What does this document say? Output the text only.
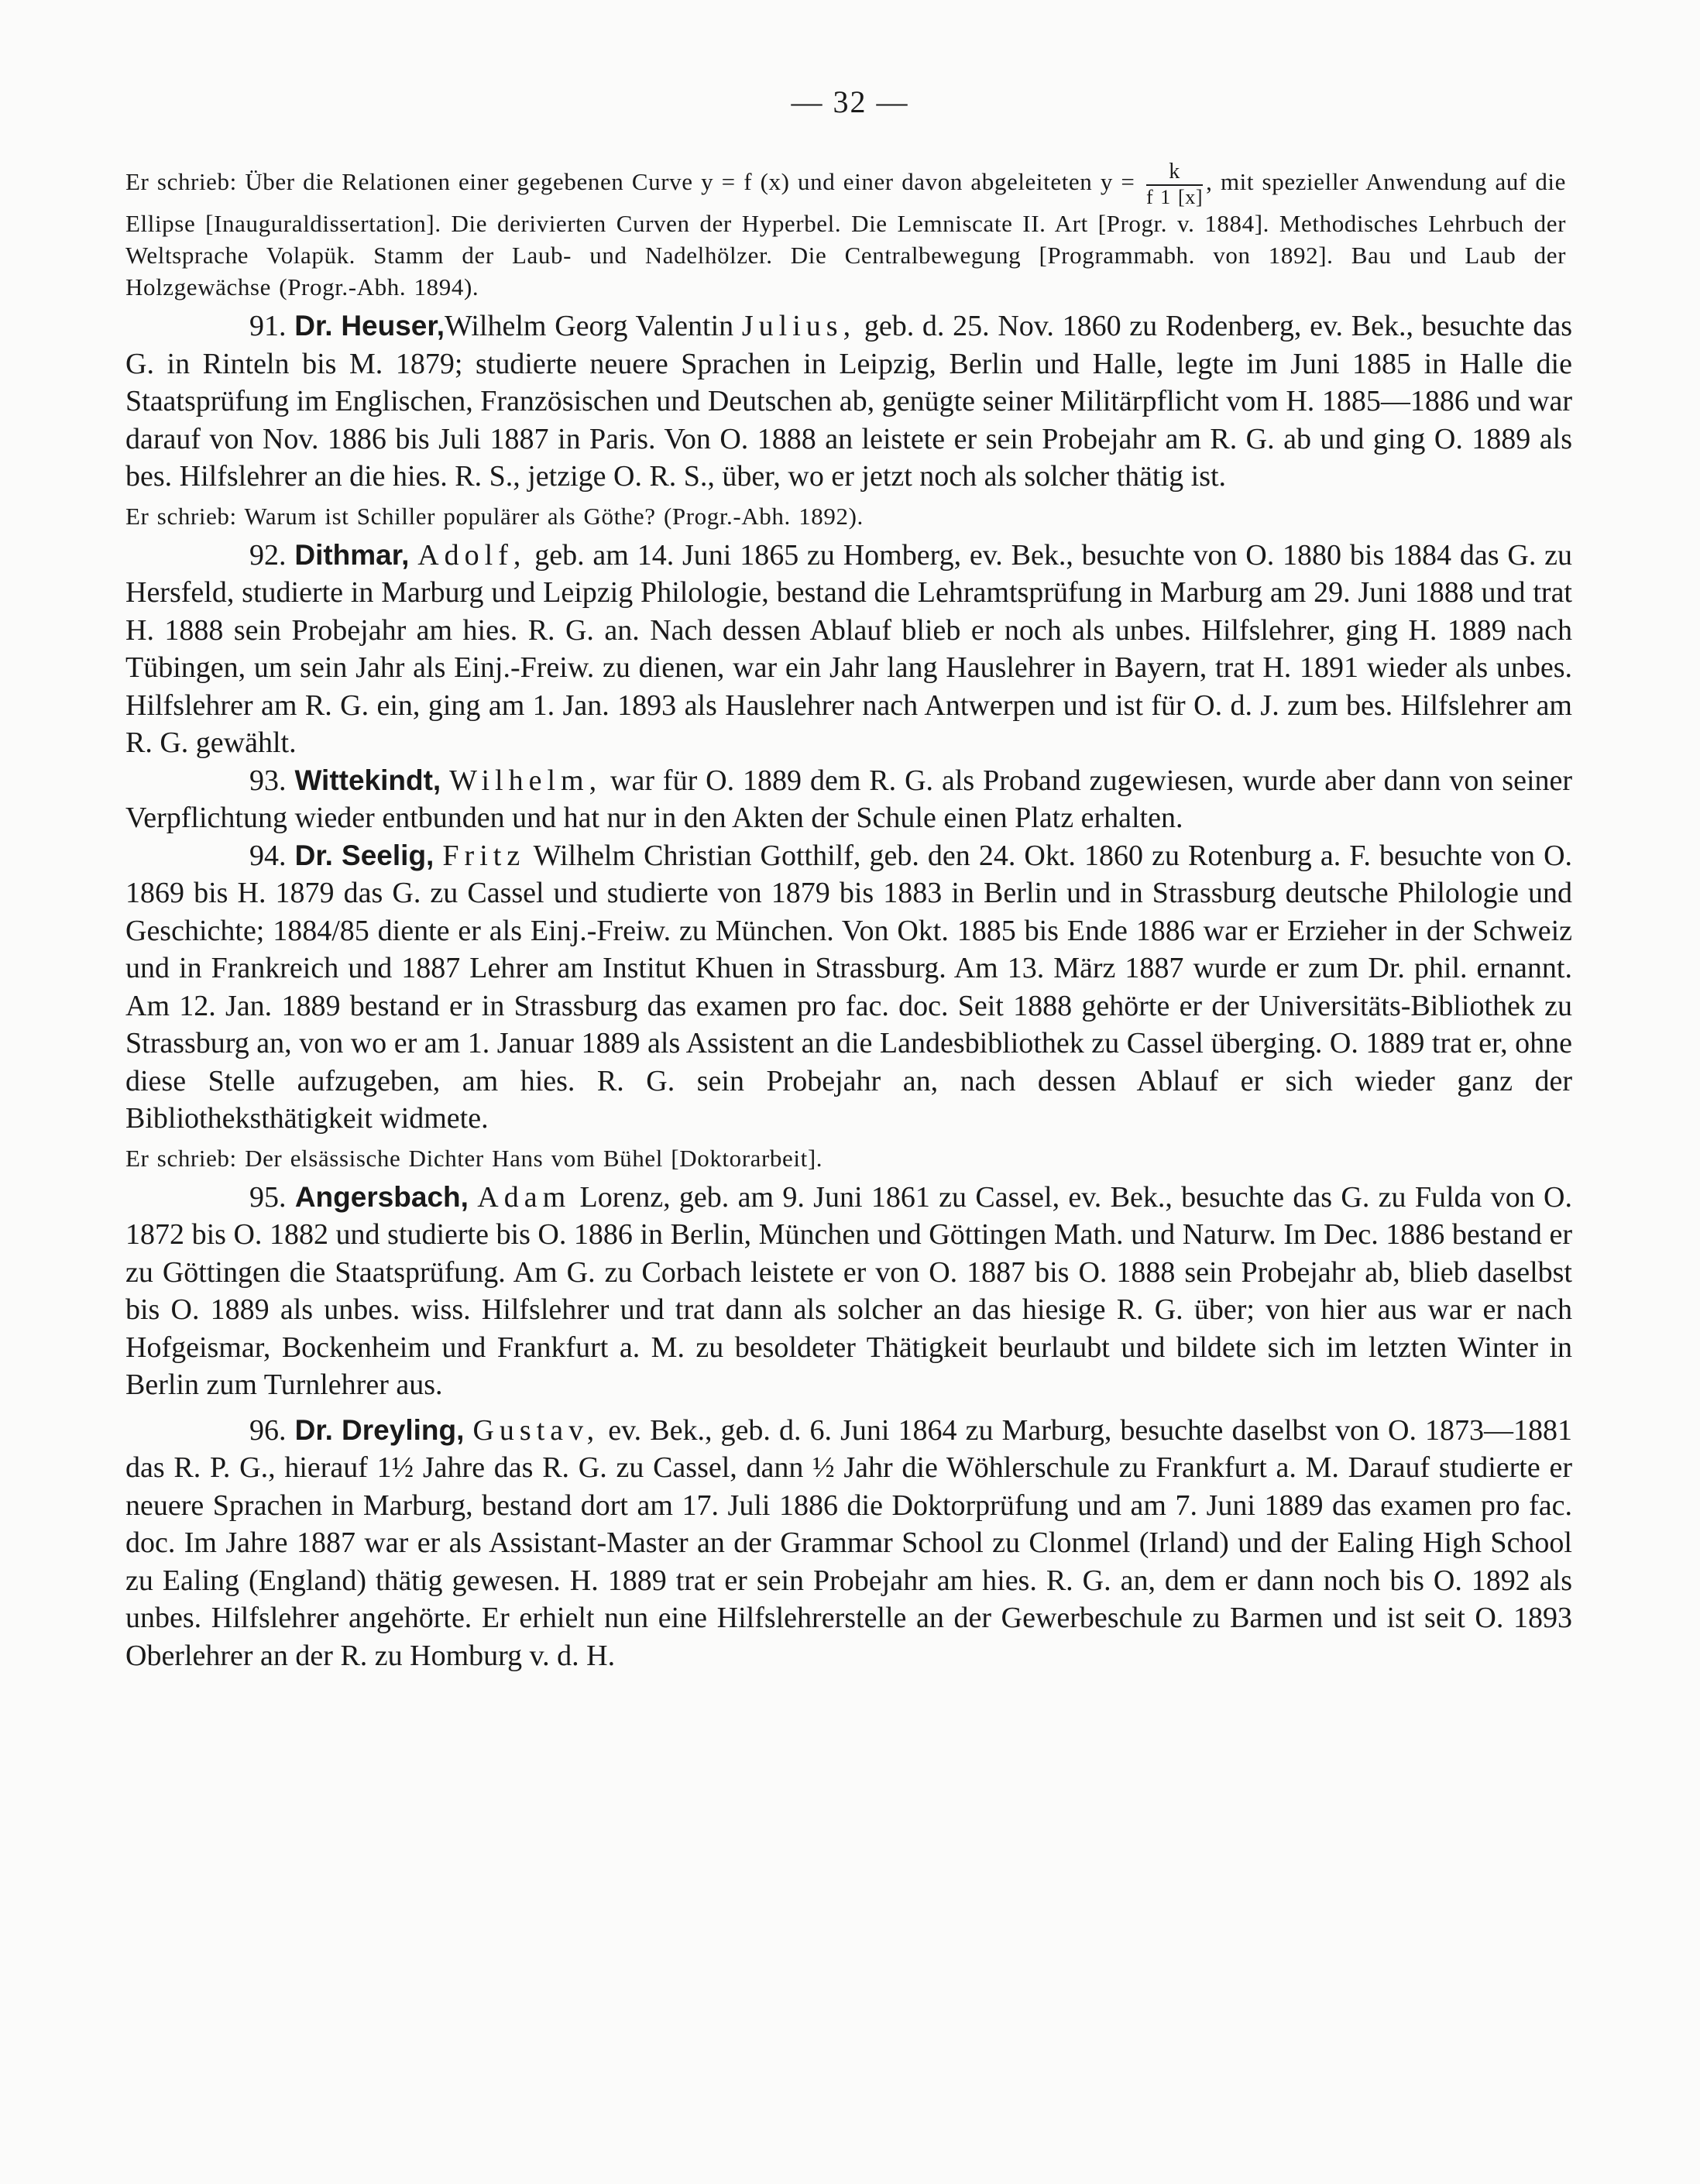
— 32 —

Er schrieb: Über die Relationen einer gegebenen Curve y = f (x) und einer davon abgeleiteten $y = \frac{k}{f 1 [x]}$ , mit spezieller Anwendung auf die Ellipse [Inauguraldissertation]. Die derivierten Curven der Hyperbel. Die Lemniscate II. Art [Progr. v. 1884]. Methodisches Lehrbuch der Weltsprache Volapük. Stamm der Laub- und Nadelhölzer. Die Centralbewegung [Programmabh. von 1892]. Bau und Laub der Holzgewächse (Progr.-Abh. 1894).

91. Dr. Heuser,Wilhelm Georg Valentin Julius, geb. d. 25. Nov. 1860 zu Rodenberg, ev. Bek., besuchte das G. in Rinteln bis M. 1879; studierte neuere Sprachen in Leipzig, Berlin und Halle, legte im Juni 1885 in Halle die Staatsprüfung im Englischen, Französischen und Deutschen ab, genügte seiner Militärpflicht vom H. 1885—1886 und war darauf von Nov. 1886 bis Juli 1887 in Paris. Von O. 1888 an leistete er sein Probejahr am R. G. ab und ging O. 1889 als bes. Hilfslehrer an die hies. R. S., jetzige O. R. S., über, wo er jetzt noch als solcher thätig ist.

Er schrieb: Warum ist Schiller populärer als Göthe? (Progr.-Abh. 1892).

92. Dithmar, Adolf, geb. am 14. Juni 1865 zu Homberg, ev. Bek., besuchte von O. 1880 bis 1884 das G. zu Hersfeld, studierte in Marburg und Leipzig Philologie, bestand die Lehramtsprüfung in Marburg am 29. Juni 1888 und trat H. 1888 sein Probejahr am hies. R. G. an. Nach dessen Ablauf blieb er noch als unbes. Hilfslehrer, ging H. 1889 nach Tübingen, um sein Jahr als Einj.-Freiw. zu dienen, war ein Jahr lang Hauslehrer in Bayern, trat H. 1891 wieder als unbes. Hilfslehrer am R. G. ein, ging am 1. Jan. 1893 als Hauslehrer nach Antwerpen und ist für O. d. J. zum bes. Hilfslehrer am R. G. gewählt.

93. Wittekindt, Wilhelm, war für O. 1889 dem R. G. als Proband zugewiesen, wurde aber dann von seiner Verpflichtung wieder entbunden und hat nur in den Akten der Schule einen Platz erhalten.

94. Dr. Seelig, Fritz Wilhelm Christian Gotthilf, geb. den 24. Okt. 1860 zu Rotenburg a. F. besuchte von O. 1869 bis H. 1879 das G. zu Cassel und studierte von 1879 bis 1883 in Berlin und in Strassburg deutsche Philologie und Geschichte; 1884/85 diente er als Einj.-Freiw. zu München. Von Okt. 1885 bis Ende 1886 war er Erzieher in der Schweiz und in Frankreich und 1887 Lehrer am Institut Khuen in Strassburg. Am 13. März 1887 wurde er zum Dr. phil. ernannt. Am 12. Jan. 1889 bestand er in Strassburg das examen pro fac. doc. Seit 1888 gehörte er der Universitäts-Bibliothek zu Strassburg an, von wo er am 1. Januar 1889 als Assistent an die Landesbibliothek zu Cassel überging. O. 1889 trat er, ohne diese Stelle aufzugeben, am hies. R. G. sein Probejahr an, nach dessen Ablauf er sich wieder ganz der Bibliotheksthätigkeit widmete.

Er schrieb: Der elsässische Dichter Hans vom Bühel [Doktorarbeit].

95. Angersbach, Adam Lorenz, geb. am 9. Juni 1861 zu Cassel, ev. Bek., besuchte das G. zu Fulda von O. 1872 bis O. 1882 und studierte bis O. 1886 in Berlin, München und Göttingen Math. und Naturw. Im Dec. 1886 bestand er zu Göttingen die Staatsprüfung. Am G. zu Corbach leistete er von O. 1887 bis O. 1888 sein Probejahr ab, blieb daselbst bis O. 1889 als unbes. wiss. Hilfslehrer und trat dann als solcher an das hiesige R. G. über; von hier aus war er nach Hofgeismar, Bockenheim und Frankfurt a. M. zu besoldeter Thätigkeit beurlaubt und bildete sich im letzten Winter in Berlin zum Turnlehrer aus.

96. Dr. Dreyling, Gustav, ev. Bek., geb. d. 6. Juni 1864 zu Marburg, besuchte daselbst von O. 1873—1881 das R. P. G., hierauf 1½ Jahre das R. G. zu Cassel, dann ½ Jahr die Wöhlerschule zu Frankfurt a. M. Darauf studierte er neuere Sprachen in Marburg, bestand dort am 17. Juli 1886 die Doktorprüfung und am 7. Juni 1889 das examen pro fac. doc. Im Jahre 1887 war er als Assistant-Master an der Grammar School zu Clonmel (Irland) und der Ealing High School zu Ealing (England) thätig gewesen. H. 1889 trat er sein Probejahr am hies. R. G. an, dem er dann noch bis O. 1892 als unbes. Hilfslehrer angehörte. Er erhielt nun eine Hilfslehrerstelle an der Gewerbeschule zu Barmen und ist seit O. 1893 Oberlehrer an der R. zu Homburg v. d. H.
